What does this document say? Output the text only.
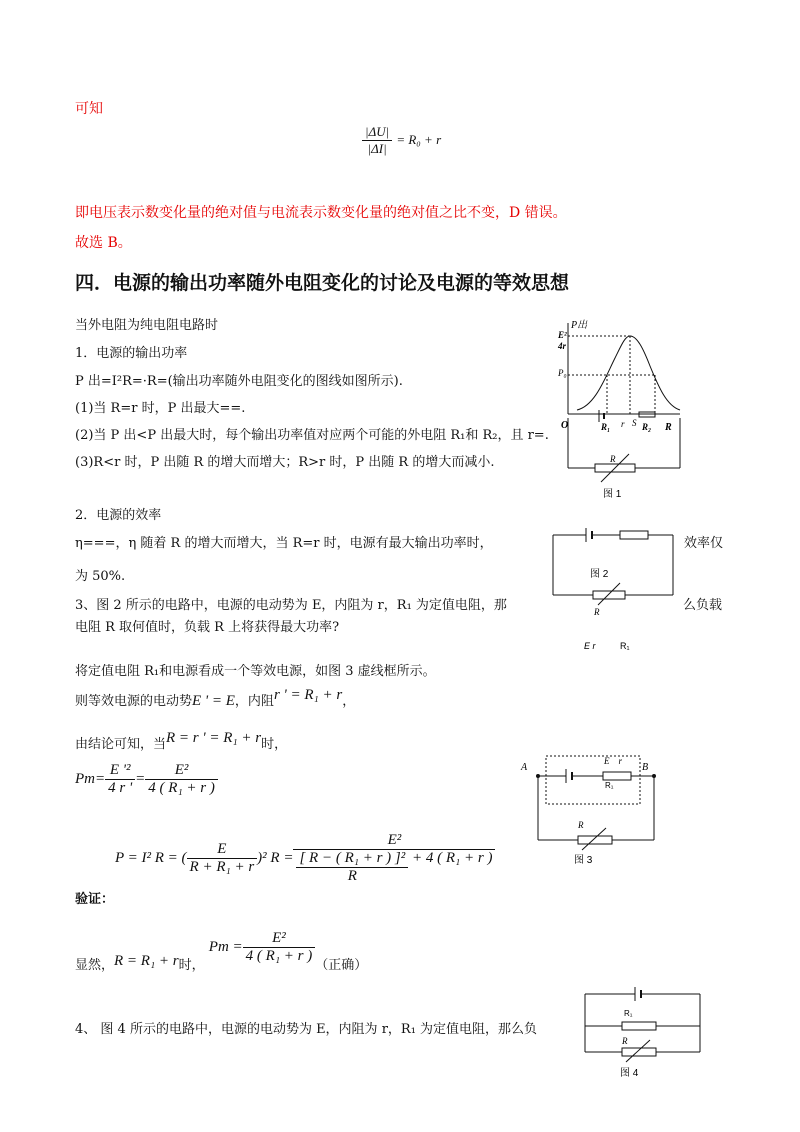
可知
$\frac{|\Delta U|}{|\Delta I|} = R_0 + r$
即电压表示数变化量的绝对值与电流表示数变化量的绝对值之比不变，D 错误。
故选 B。
四．电源的输出功率随外电阻变化的讨论及电源的等效思想
当外电阻为纯电阻电路时
1．电源的输出功率
P 出=I²R=·R=(输出功率随外电阻变化的图线如图所示).
(1)当 R=r 时，P 出最大==.
(2)当 P 出<P 出最大时，每个输出功率值对应两个可能的外电阻 R₁和 R₂，且 r=.
(3)R<r 时，P 出随 R 的增大而增大；R>r 时，P 出随 R 的增大而减小.
2．电源的效率
η===，η 随着 R 的增大而增大，当 R=r 时，电源有最大输出功率时，	效率仅
为 50%.
3、图 2 所示的电路中，电源的电动势为 E，内阻为 r，R₁ 为定值电阻，那	么负载
电阻 R 取何值时，负载 R 上将获得最大功率?
将定值电阻 R₁和电源看成一个等效电源，如图 3 虚线框所示。
则等效电源的电动势E ' = E，内阻r ' = R₁ + r，
由结论可知，当R = r ' = R₁ + r时，
$Pm= \frac{\text{E '²}}{4 r '} = \frac{\text{E²}}{\text{4 ( R₁ + r )}}$
P = I² R = ( $\frac{E}{\text{R + R₁ + r}} )^2$ $R = \frac{\text{E²}}{\frac{\text{[ R − ( R₁ + r ) ]²}}{R} + 4 ( R_1 + r )}$
验证：
显然，R = R₁ + r时， $Pm = \frac{\text{E²}}{\text{4 ( R₁ + r )}}$
（正确）
4、 图 4 所示的电路中，电源的电动势为 E，内阻为 r，R₁ 为定值电阻，那么负
P出
E²
4r
P₀
O	R₁ r S R₂ R
R
图 1
图 2
R
E r	R₁
A	B
E    r
R₁
R
图 3
R₁
R
图 4
